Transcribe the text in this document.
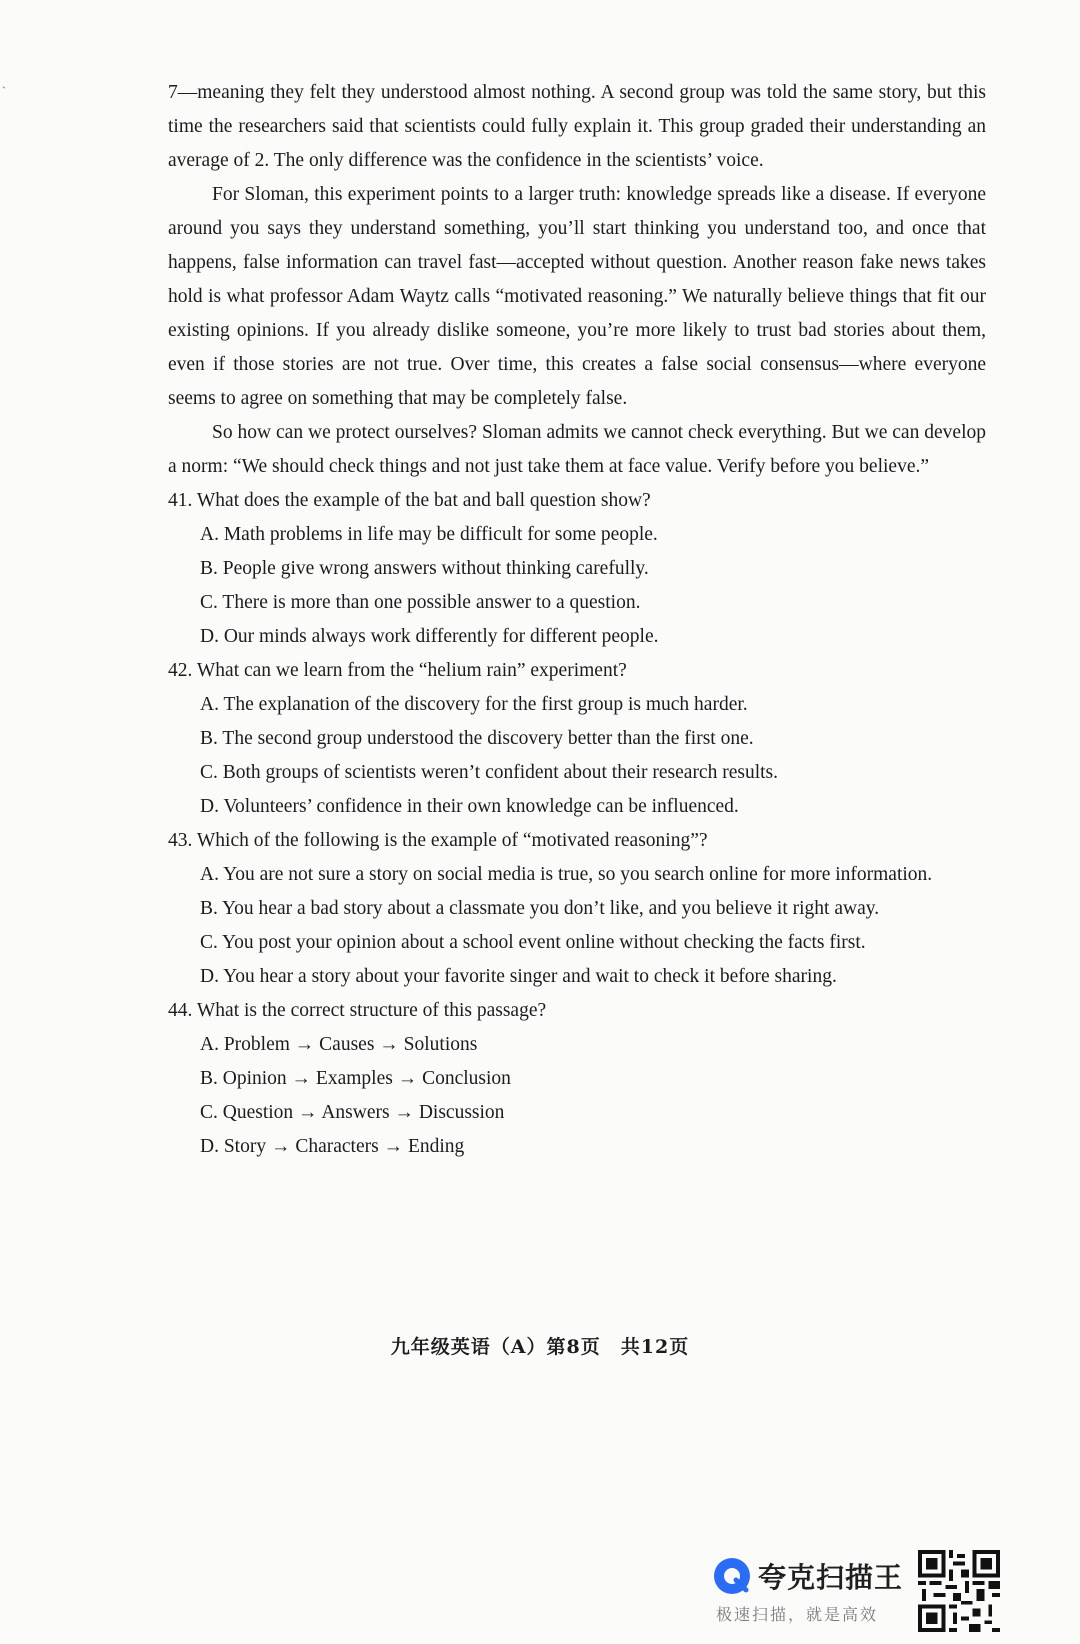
`	7—meaning they felt they understood almost nothing. A second group was told the same story, but this time the researchers said that scientists could fully explain it. This group graded their understanding an average of 2. The only difference was the confidence in the scientists’ voice.

For Sloman, this experiment points to a larger truth: knowledge spreads like a disease. If everyone around you says they understand something, you’ll start thinking you understand too, and once that happens, false information can travel fast—accepted without question. Another reason fake news takes hold is what professor Adam Waytz calls “motivated reasoning.” We naturally believe things that fit our existing opinions. If you already dislike someone, you’re more likely to trust bad stories about them, even if those stories are not true. Over time, this creates a false social consensus—where everyone seems to agree on something that may be completely false.

So how can we protect ourselves? Sloman admits we cannot check everything. But we can develop a norm: “We should check things and not just take them at face value. Verify before you believe.”

41. What does the example of the bat and ball question show?

A. Math problems in life may be difficult for some people.

B. People give wrong answers without thinking carefully.

C. There is more than one possible answer to a question.

D. Our minds always work differently for different people.

42. What can we learn from the “helium rain” experiment?

A. The explanation of the discovery for the first group is much harder.

B. The second group understood the discovery better than the first one.

C. Both groups of scientists weren’t confident about their research results.

D. Volunteers’ confidence in their own knowledge can be influenced.

43. Which of the following is the example of “motivated reasoning”?

A. You are not sure a story on social media is true, so you search online for more information.

B. You hear a bad story about a classmate you don’t like, and you believe it right away.

C. You post your opinion about a school event online without checking the facts first.

D. You hear a story about your favorite singer and wait to check it before sharing.

44. What is the correct structure of this passage?

A. Problem → Causes → Solutions

B. Opinion → Examples → Conclusion

C. Question → Answers → Discussion

D. Story → Characters → Ending

九年级英语（A）第8页　共12页
夸克扫描王
极速扫描，就是高效
